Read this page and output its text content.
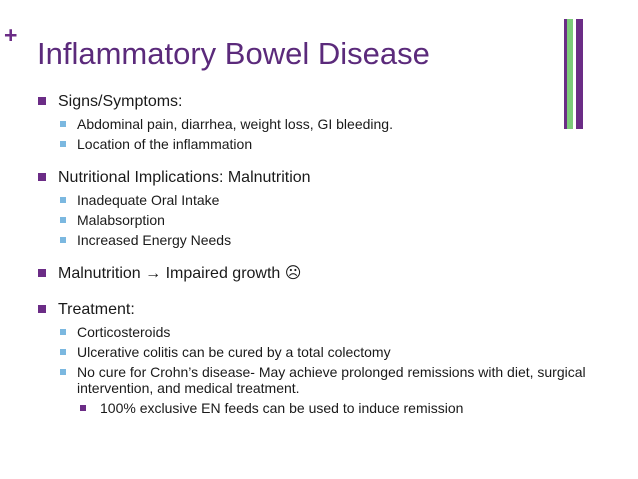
+
Inflammatory Bowel Disease
Signs/Symptoms:
Abdominal pain, diarrhea, weight loss, GI bleeding.
Location of the inflammation
Nutritional Implications: Malnutrition
Inadequate Oral Intake
Malabsorption
Increased Energy Needs
Malnutrition → Impaired growth ☹
Treatment:
Corticosteroids
Ulcerative colitis can be cured by a total colectomy
No cure for Crohn’s disease- May achieve prolonged remissions with diet, surgical intervention, and medical treatment.
100% exclusive EN feeds can be used to induce remission
